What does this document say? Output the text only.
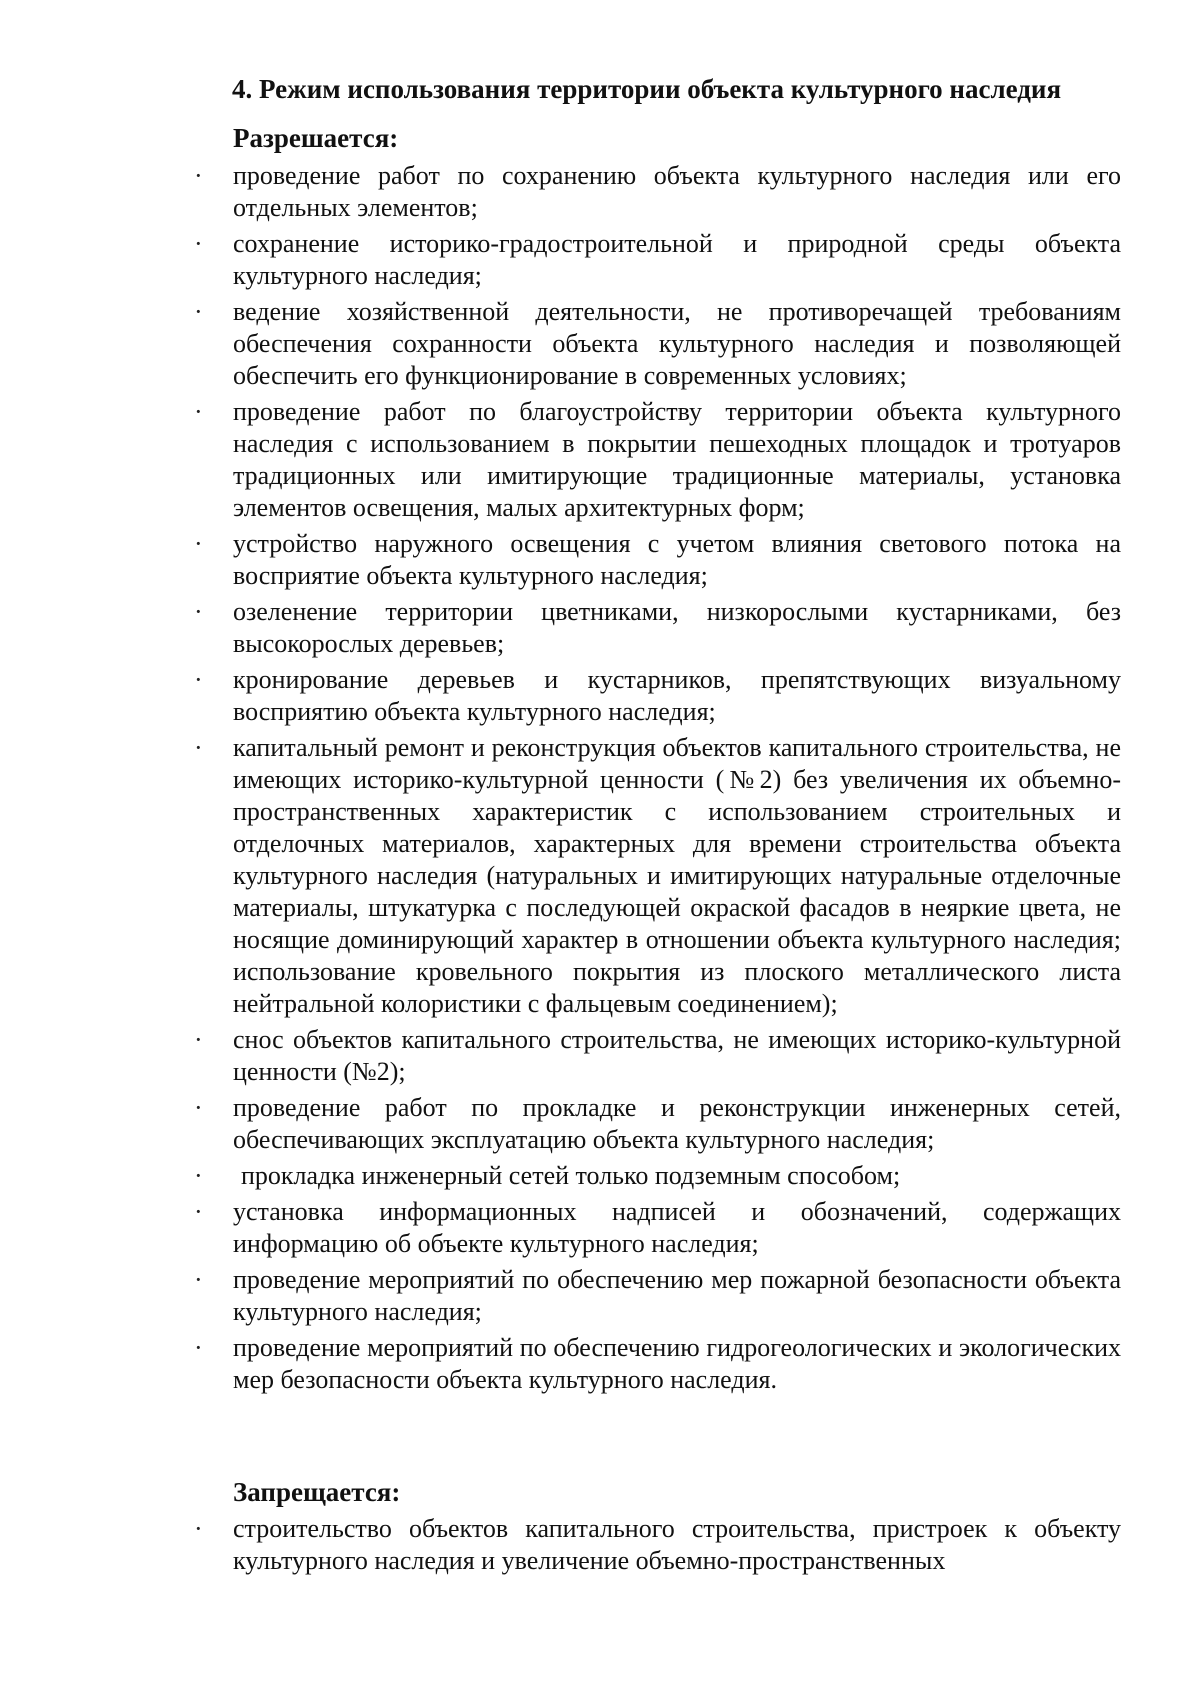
4. Режим использования территории объекта культурного наследия
Разрешается:
· проведение работ по сохранению объекта культурного наследия или его отдельных элементов;
· сохранение историко-градостроительной и природной среды объекта культурного наследия;
· ведение хозяйственной деятельности, не противоречащей требованиям обеспечения сохранности объекта культурного наследия и позволяющей обеспечить его функционирование в современных условиях;
· проведение работ по благоустройству территории объекта культурного наследия с использованием в покрытии пешеходных площадок и тротуаров традиционных или имитирующие традиционные материалы, установка элементов освещения, малых архитектурных форм;
· устройство наружного освещения с учетом влияния светового потока на восприятие объекта культурного наследия;
· озеленение территории цветниками, низкорослыми кустарниками, без высокорослых деревьев;
· кронирование деревьев и кустарников, препятствующих визуальному восприятию объекта культурного наследия;
· капитальный ремонт и реконструкция объектов капитального строительства, не имеющих историко-культурной ценности (№2) без увеличения их объемно-пространственных характеристик с использованием строительных и отделочных материалов, характерных для времени строительства объекта культурного наследия (натуральных и имитирующих натуральные отделочные материалы, штукатурка с последующей окраской фасадов в неяркие цвета, не носящие доминирующий характер в отношении объекта культурного наследия; использование кровельного покрытия из плоского металлического листа нейтральной колористики с фальцевым соединением);
· снос объектов капитального строительства, не имеющих историко-культурной ценности (№2);
· проведение работ по прокладке и реконструкции инженерных сетей, обеспечивающих эксплуатацию объекта культурного наследия;
· прокладка инженерный сетей только подземным способом;
· установка информационных надписей и обозначений, содержащих информацию об объекте культурного наследия;
· проведение мероприятий по обеспечению мер пожарной безопасности объекта культурного наследия;
· проведение мероприятий по обеспечению гидрогеологических и экологических мер безопасности объекта культурного наследия.
Запрещается:
· строительство объектов капитального строительства, пристроек к объекту культурного наследия и увеличение объемно-пространственных
